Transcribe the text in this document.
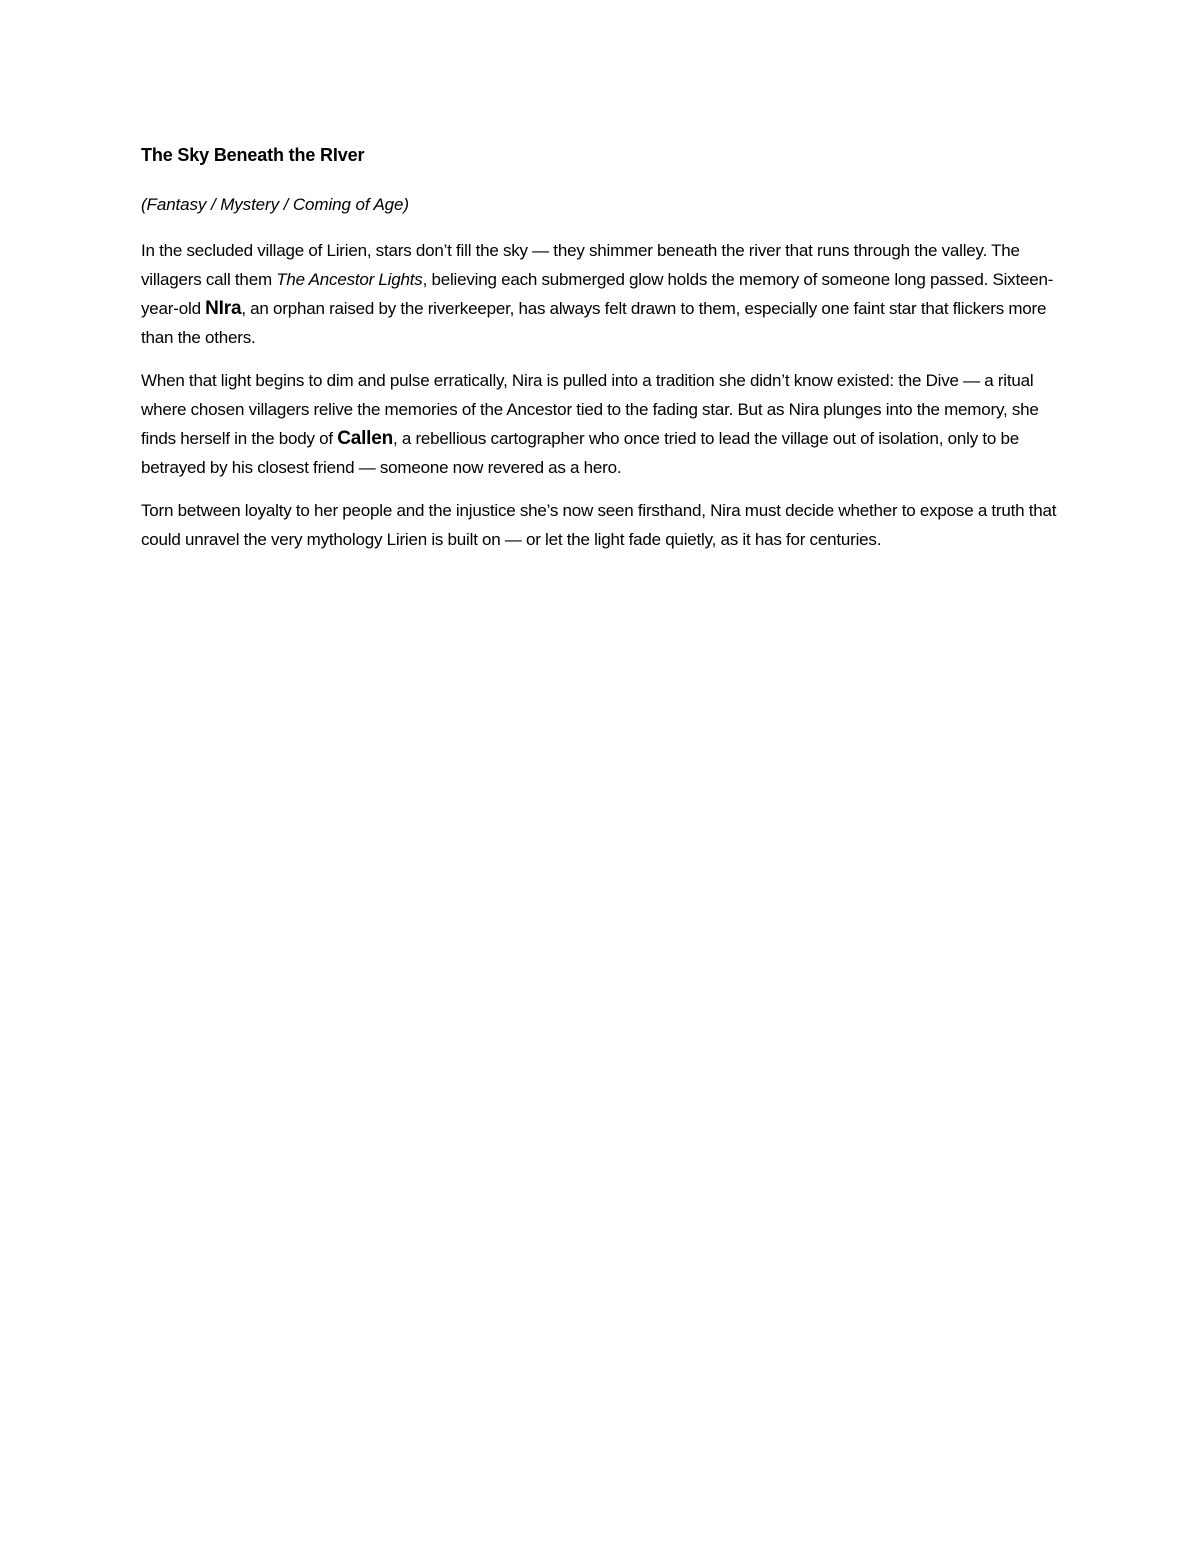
The Sky Beneath the RIver

(Fantasy / Mystery / Coming of Age)

In the secluded village of Lirien, stars don’t fill the sky — they shimmer beneath the river that runs through the valley. The villagers call them The Ancestor Lights, believing each submerged glow holds the memory of someone long passed. Sixteen-year-old NIra, an orphan raised by the riverkeeper, has always felt drawn to them, especially one faint star that flickers more than the others.

When that light begins to dim and pulse erratically, Nira is pulled into a tradition she didn’t know existed: the Dive — a ritual where chosen villagers relive the memories of the Ancestor tied to the fading star. But as Nira plunges into the memory, she finds herself in the body of Callen, a rebellious cartographer who once tried to lead the village out of isolation, only to be betrayed by his closest friend — someone now revered as a hero.

Torn between loyalty to her people and the injustice she’s now seen firsthand, Nira must decide whether to expose a truth that could unravel the very mythology Lirien is built on — or let the light fade quietly, as it has for centuries.
